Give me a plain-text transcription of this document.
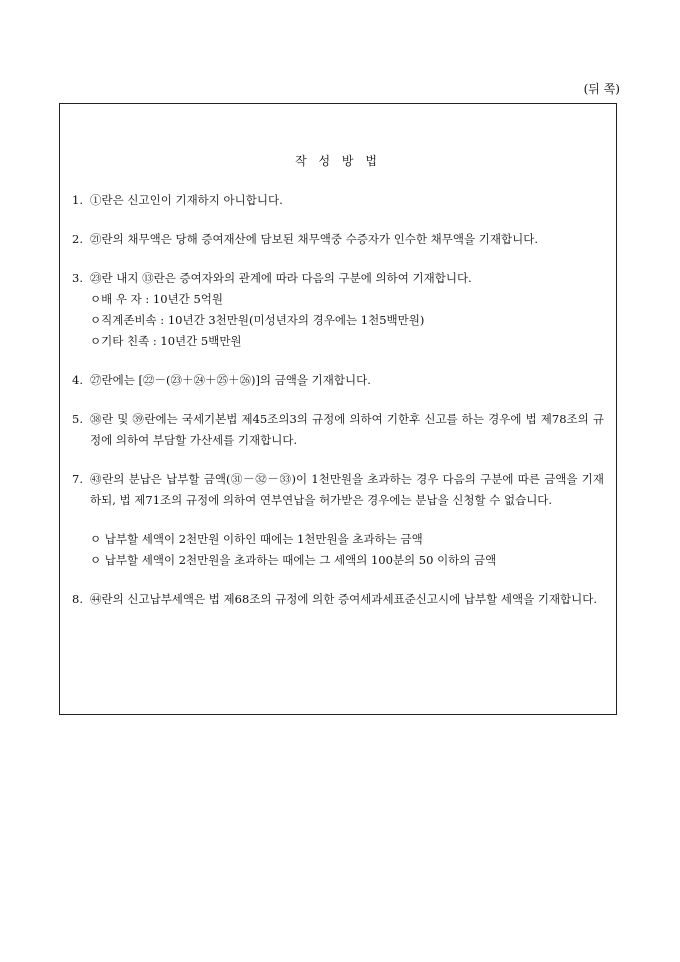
(뒤 쪽)
작 성 방 법
1. ①란은 신고인이 기재하지 아니합니다.
2. ㉑란의 채무액은 당해 증여재산에 담보된 채무액중 수증자가 인수한 채무액을 기재합니다.
3. ㉓란 내지 ⑬란은 증여자와의 관계에 따라 다음의 구분에 의하여 기재합니다.
ㅇ배 우 자 : 10년간 5억원
ㅇ직계존비속 : 10년간 3천만원(미성년자의 경우에는 1천5백만원)
ㅇ기타 친족 : 10년간 5백만원
4. ㉗란에는 [㉒－(㉓＋㉔＋㉕＋㉖)]의 금액을 기재합니다.
5. ㊳란 및 ㊴란에는 국세기본법 제45조의3의 규정에 의하여 기한후 신고를 하는 경우에 법 제78조의 규정에 의하여 부담할 가산세를 기재합니다.
7. ㊸란의 분납은 납부할 금액(㉛－㉜－㉝)이 1천만원을 초과하는 경우 다음의 구분에 따른 금액을 기재하되, 법 제71조의 규정에 의하여 연부연납을 허가받은 경우에는 분납을 신청할 수 없습니다.
ㅇ 납부할 세액이 2천만원 이하인 때에는 1천만원을 초과하는 금액
ㅇ 납부할 세액이 2천만원을 초과하는 때에는 그 세액의 100분의 50 이하의 금액
8. ㊹란의 신고납부세액은 법 제68조의 규정에 의한 증여세과세표준신고시에 납부할 세액을 기재합니다.
